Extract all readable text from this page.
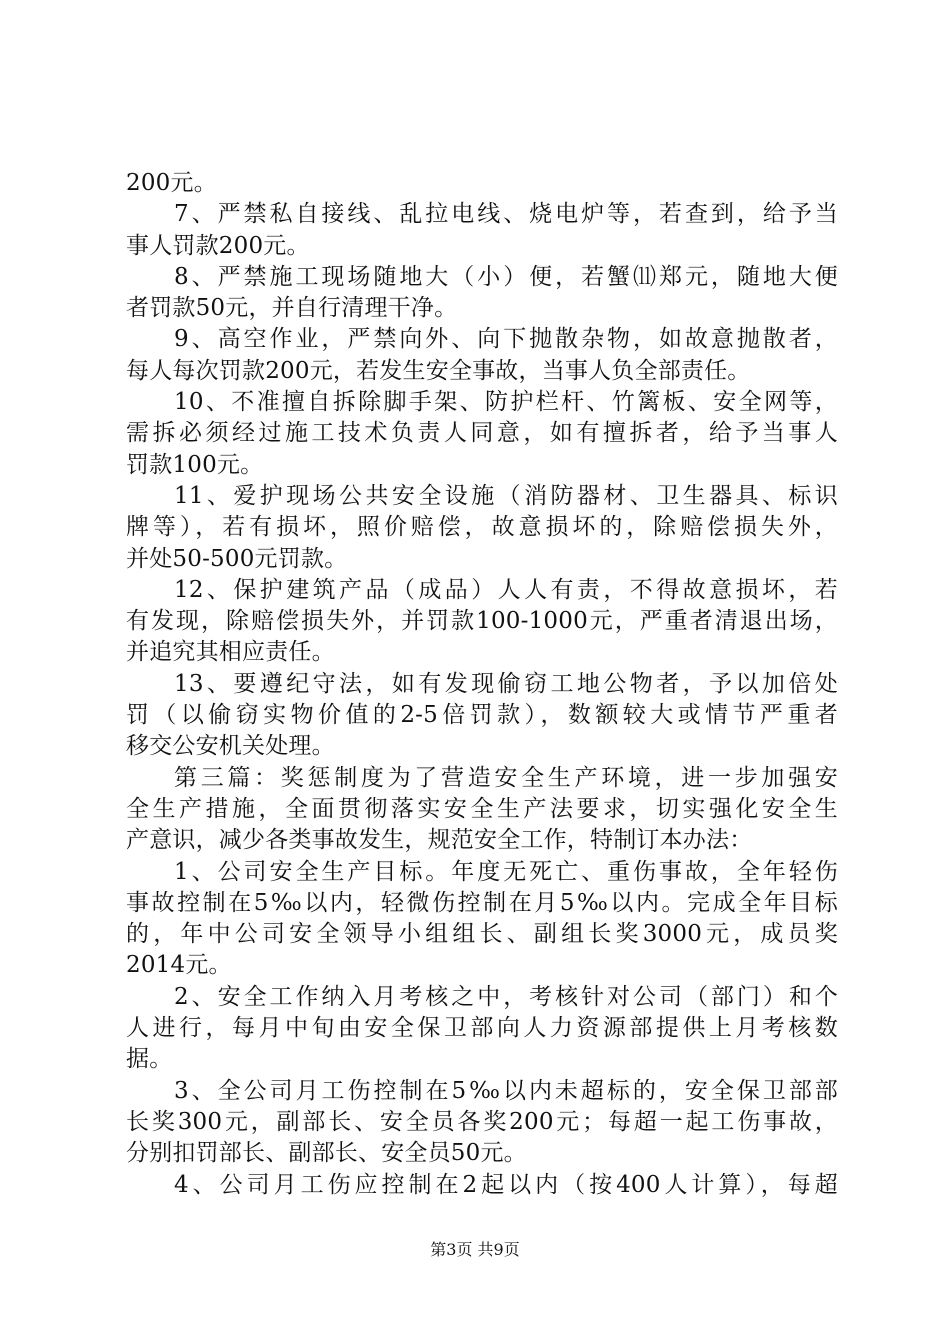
200元。
7、严禁私自接线、乱拉电线、烧电炉等，若查到，给予当
事人罚款200元。
8、严禁施工现场随地大（小）便，若蟹⑾郑元，随地大便
者罚款50元，并自行清理干净。
9、高空作业，严禁向外、向下抛散杂物，如故意抛散者，
每人每次罚款200元，若发生安全事故，当事人负全部责任。
10、不准擅自拆除脚手架、防护栏杆、竹篱板、安全网等，
需拆必须经过施工技术负责人同意，如有擅拆者，给予当事人
罚款100元。
11、爱护现场公共安全设施（消防器材、卫生器具、标识
牌等），若有损坏，照价赔偿，故意损坏的，除赔偿损失外，
并处50-500元罚款。
12、保护建筑产品（成品）人人有责，不得故意损坏，若
有发现，除赔偿损失外，并罚款100-1000元，严重者清退出场，
并追究其相应责任。
13、要遵纪守法，如有发现偷窃工地公物者，予以加倍处
罚（以偷窃实物价值的2-5倍罚款），数额较大或情节严重者
移交公安机关处理。
第三篇：奖惩制度为了营造安全生产环境，进一步加强安
全生产措施，全面贯彻落实安全生产法要求，切实强化安全生
产意识，减少各类事故发生，规范安全工作，特制订本办法：
1、公司安全生产目标。年度无死亡、重伤事故，全年轻伤
事故控制在5‰以内，轻微伤控制在月5‰以内。完成全年目标
的，年中公司安全领导小组组长、副组长奖3000元，成员奖
2014元。
2、安全工作纳入月考核之中，考核针对公司（部门）和个
人进行，每月中旬由安全保卫部向人力资源部提供上月考核数
据。
3、全公司月工伤控制在5‰以内未超标的，安全保卫部部
长奖300元，副部长、安全员各奖200元；每超一起工伤事故，
分别扣罚部长、副部长、安全员50元。
4、公司月工伤应控制在2起以内（按400人计算），每超
第3页 共9页
